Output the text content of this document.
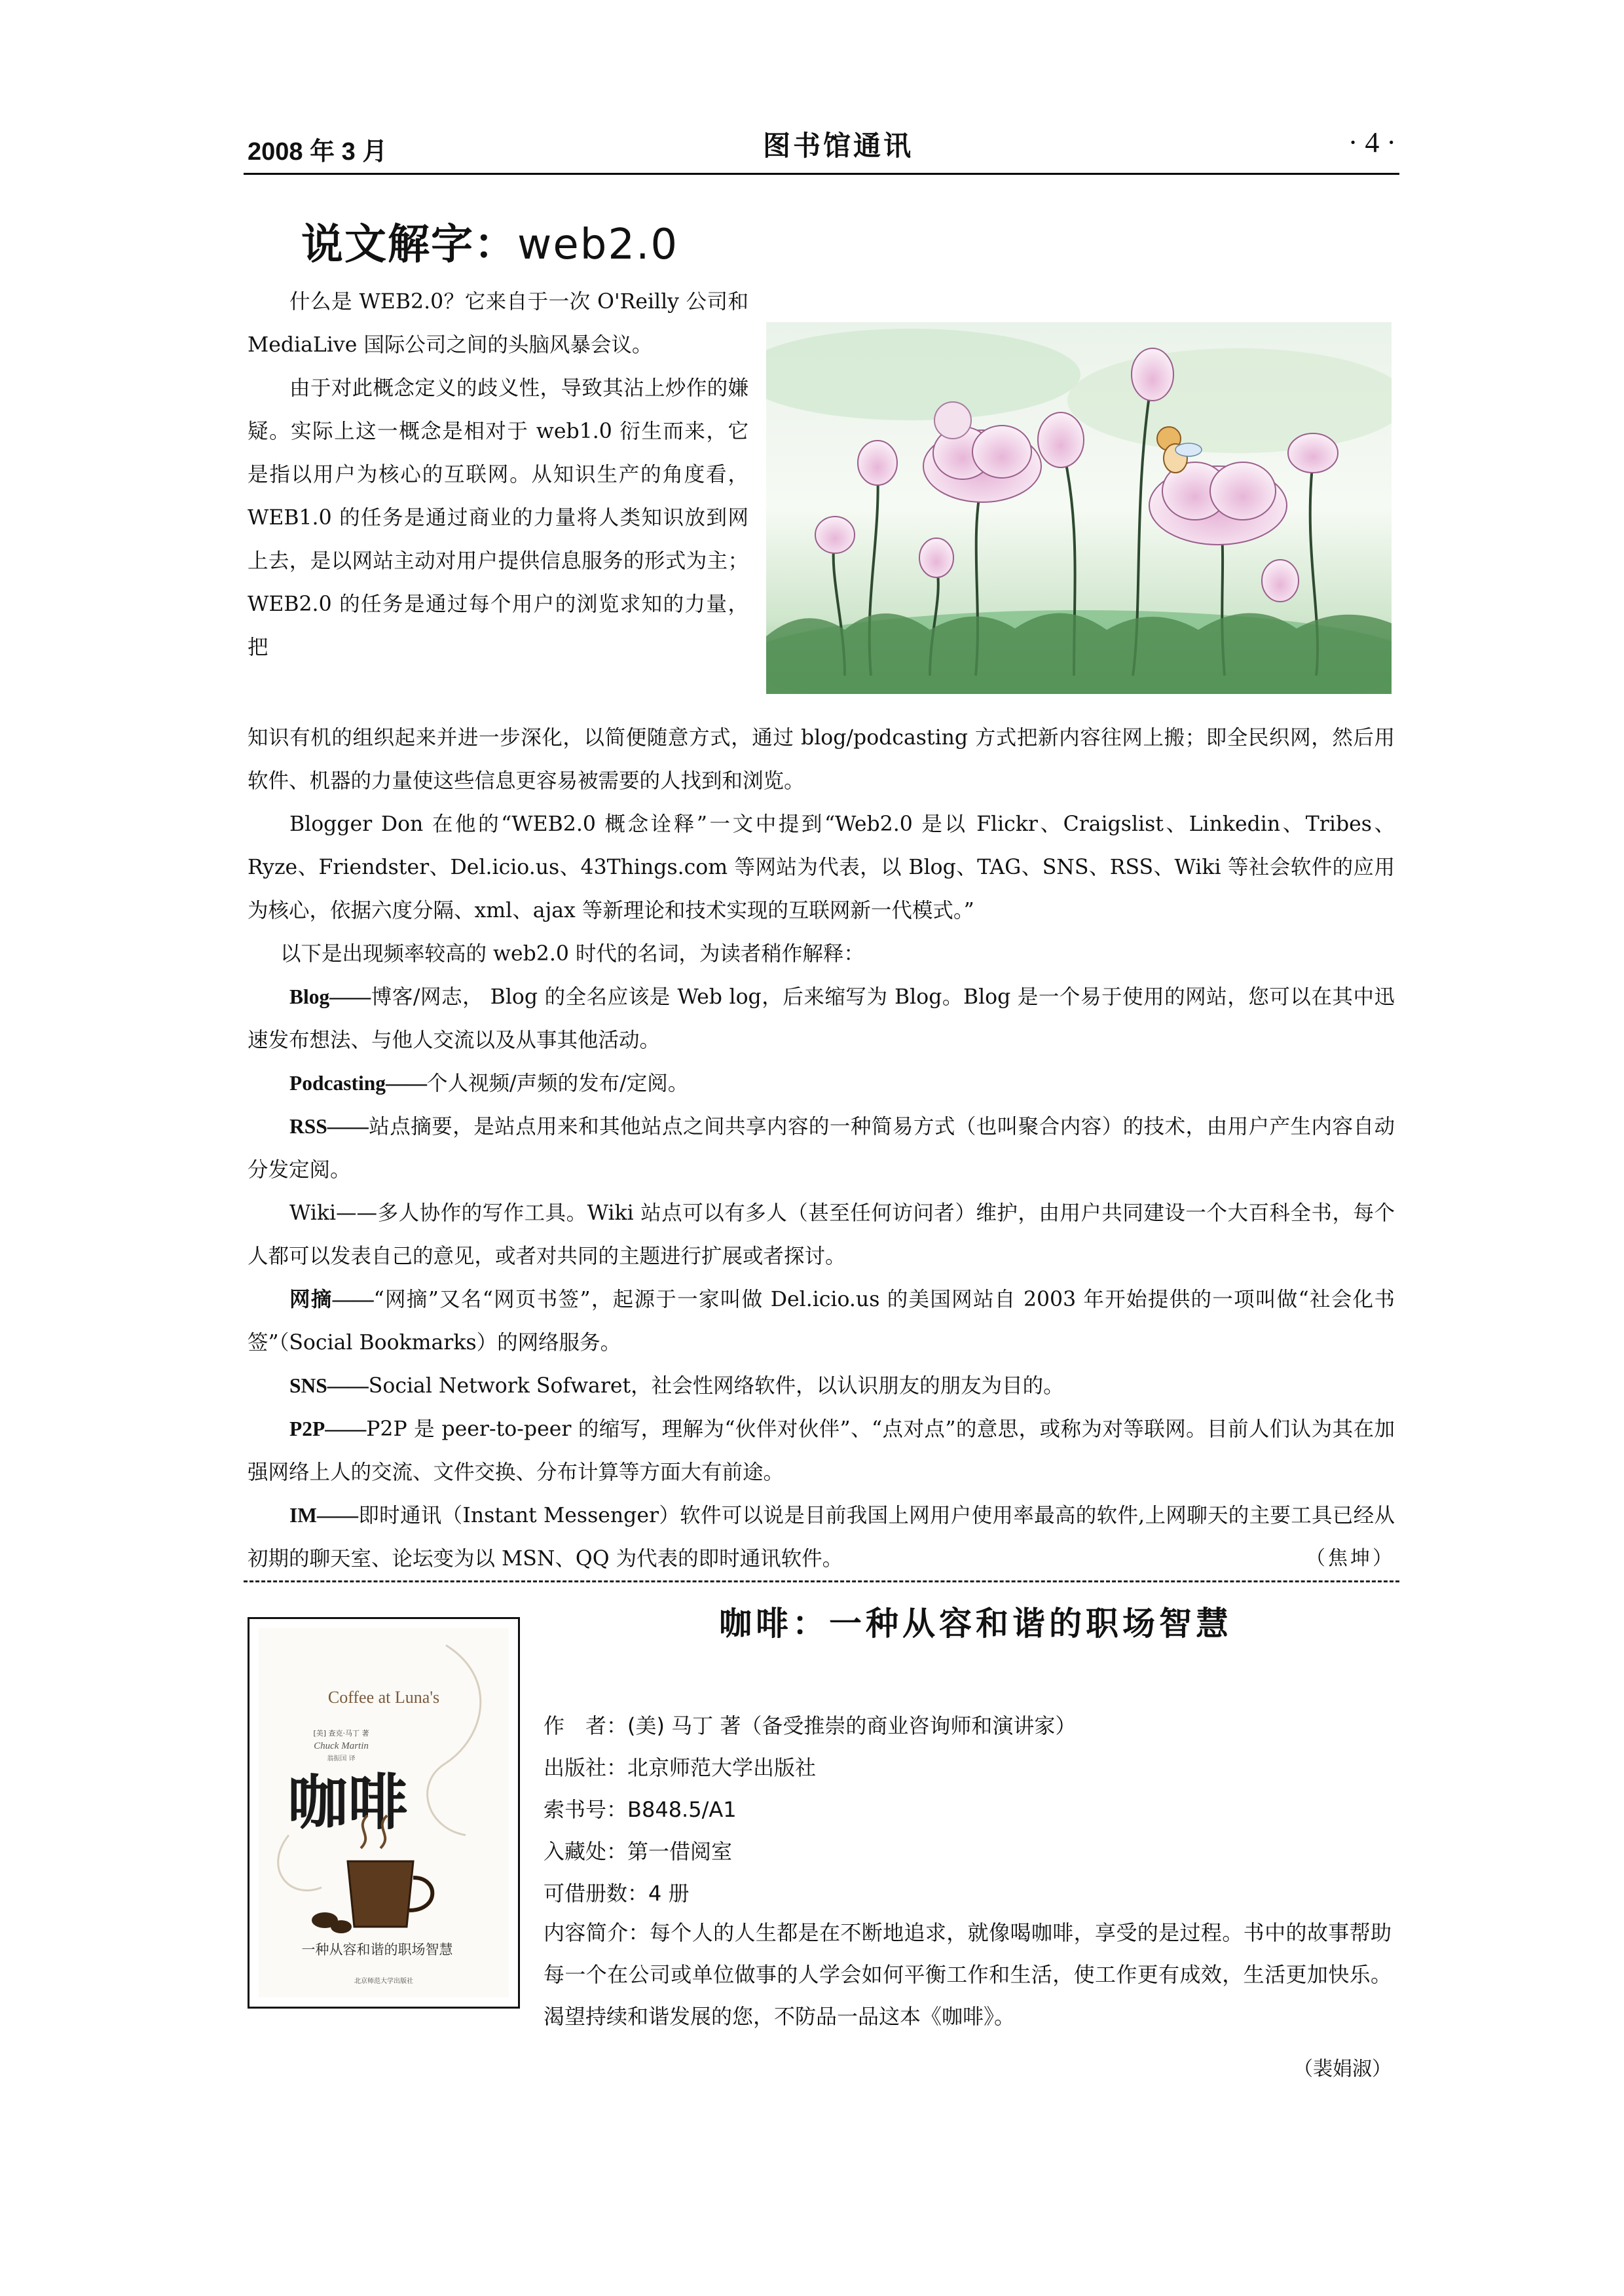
2008 年 3 月	图书馆通讯	· 4 ·
说文解字：web2.0
什么是 WEB2.0？它来自于一次 O'Reilly 公司和 MediaLive 国际公司之间的头脑风暴会议。
由于对此概念定义的歧义性，导致其沾上炒作的嫌疑。实际上这一概念是相对于 web1.0 衍生而来，它是指以用户为核心的互联网。从知识生产的角度看，WEB1.0 的任务是通过商业的力量将人类知识放到网上去，是以网站主动对用户提供信息服务的形式为主；WEB2.0 的任务是通过每个用户的浏览求知的力量，把
知识有机的组织起来并进一步深化，以简便随意方式，通过 blog/podcasting 方式把新内容往网上搬；即全民织网，然后用软件、机器的力量使这些信息更容易被需要的人找到和浏览。
Blogger Don 在他的“WEB2.0 概念诠释”一文中提到“Web2.0 是以 Flickr、Craigslist、Linkedin、Tribes、Ryze、Friendster、Del.icio.us、43Things.com 等网站为代表，以 Blog、TAG、SNS、RSS、Wiki 等社会软件的应用为核心，依据六度分隔、xml、ajax 等新理论和技术实现的互联网新一代模式。”
以下是出现频率较高的 web2.0 时代的名词，为读者稍作解释：
Blog——博客/网志， Blog 的全名应该是 Web log，后来缩写为 Blog。Blog 是一个易于使用的网站，您可以在其中迅速发布想法、与他人交流以及从事其他活动。
Podcasting——个人视频/声频的发布/定阅。
RSS——站点摘要，是站点用来和其他站点之间共享内容的一种简易方式（也叫聚合内容）的技术，由用户产生内容自动分发定阅。
Wiki——多人协作的写作工具。Wiki 站点可以有多人（甚至任何访问者）维护，由用户共同建设一个大百科全书，每个人都可以发表自己的意见，或者对共同的主题进行扩展或者探讨。
网摘——“网摘”又名“网页书签”，起源于一家叫做 Del.icio.us 的美国网站自 2003 年开始提供的一项叫做“社会化书签”（Social Bookmarks）的网络服务。
SNS——Social Network Sofwaret，社会性网络软件，以认识朋友的朋友为目的。
P2P——P2P 是 peer-to-peer 的缩写，理解为“伙伴对伙伴”、“点对点”的意思，或称为对等联网。目前人们认为其在加强网络上人的交流、文件交换、分布计算等方面大有前途。
IM——即时通讯（Instant Messenger）软件可以说是目前我国上网用户使用率最高的软件,上网聊天的主要工具已经从初期的聊天室、论坛变为以 MSN、QQ 为代表的即时通讯软件。	（焦坤）
咖啡：一种从容和谐的职场智慧
Coffee at Luna's
[美] 查克·马丁 著
Chuck Martin
翁振国 译
咖啡
一种从容和谐的职场智慧
北京师范大学出版社
作　者：(美) 马丁 著（备受推崇的商业咨询师和演讲家）
出版社：北京师范大学出版社
索书号：B848.5/A1
入藏处：第一借阅室
可借册数：4 册
内容简介：每个人的人生都是在不断地追求，就像喝咖啡，享受的是过程。书中的故事帮助每一个在公司或单位做事的人学会如何平衡工作和生活，使工作更有成效，生活更加快乐。渴望持续和谐发展的您，不防品一品这本《咖啡》。
（裴娟淑）
